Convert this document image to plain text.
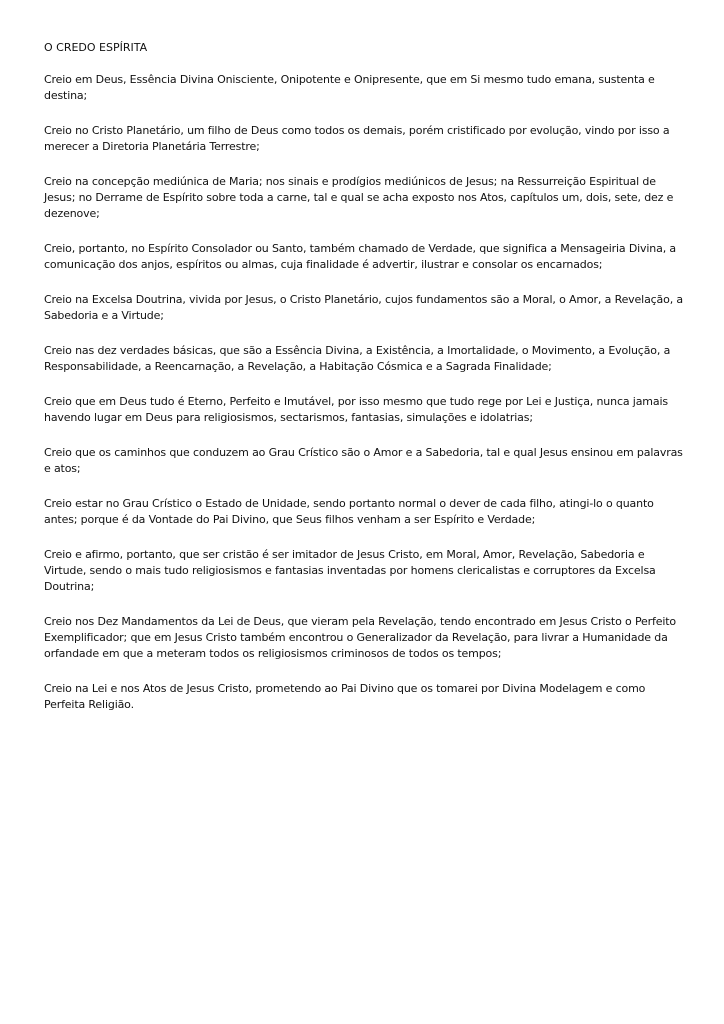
O CREDO ESPÍRITA

Creio em Deus, Essência Divina Onisciente, Onipotente e Onipresente, que em Si mesmo tudo emana, sustenta e destina;

Creio no Cristo Planetário, um filho de Deus como todos os demais, porém cristificado por evolução, vindo por isso a merecer a Diretoria Planetária Terrestre;

Creio na concepção mediúnica de Maria; nos sinais e prodígios mediúnicos de Jesus; na Ressurreição Espiritual de Jesus; no Derrame de Espírito sobre toda a carne, tal e qual se acha exposto nos Atos, capítulos um, dois, sete, dez e dezenove;

Creio, portanto, no Espírito Consolador ou Santo, também chamado de Verdade, que significa a Mensageiria Divina, a comunicação dos anjos, espíritos ou almas, cuja finalidade é advertir, ilustrar e consolar os encarnados;

Creio na Excelsa Doutrina, vivida por Jesus, o Cristo Planetário, cujos fundamentos são a Moral, o Amor, a Revelação, a Sabedoria e a Virtude;

Creio nas dez verdades básicas, que são a Essência Divina, a Existência, a Imortalidade, o Movimento, a Evolução, a Responsabilidade, a Reencarnação, a Revelação, a Habitação Cósmica e a Sagrada Finalidade;

Creio que em Deus tudo é Eterno, Perfeito e Imutável, por isso mesmo que tudo rege por Lei e Justiça, nunca jamais havendo lugar em Deus para religiosismos, sectarismos, fantasias, simulações e idolatrias;

Creio que os caminhos que conduzem ao Grau Crístico são o Amor e a Sabedoria, tal e qual Jesus ensinou em palavras e atos;

Creio estar no Grau Crístico o Estado de Unidade, sendo portanto normal o dever de cada filho, atingi-lo o quanto antes; porque é da Vontade do Pai Divino, que Seus filhos venham a ser Espírito e Verdade;

Creio e afirmo, portanto, que ser cristão é ser imitador de Jesus Cristo, em Moral, Amor, Revelação, Sabedoria e Virtude, sendo o mais tudo religiosismos e fantasias inventadas por homens clericalistas e corruptores da Excelsa Doutrina;

Creio nos Dez Mandamentos da Lei de Deus, que vieram pela Revelação, tendo encontrado em Jesus Cristo o Perfeito Exemplificador; que em Jesus Cristo também encontrou o Generalizador da Revelação, para livrar a Humanidade da orfandade em que a meteram todos os religiosismos criminosos de todos os tempos;

Creio na Lei e nos Atos de Jesus Cristo, prometendo ao Pai Divino que os tomarei por Divina Modelagem e como Perfeita Religião.
